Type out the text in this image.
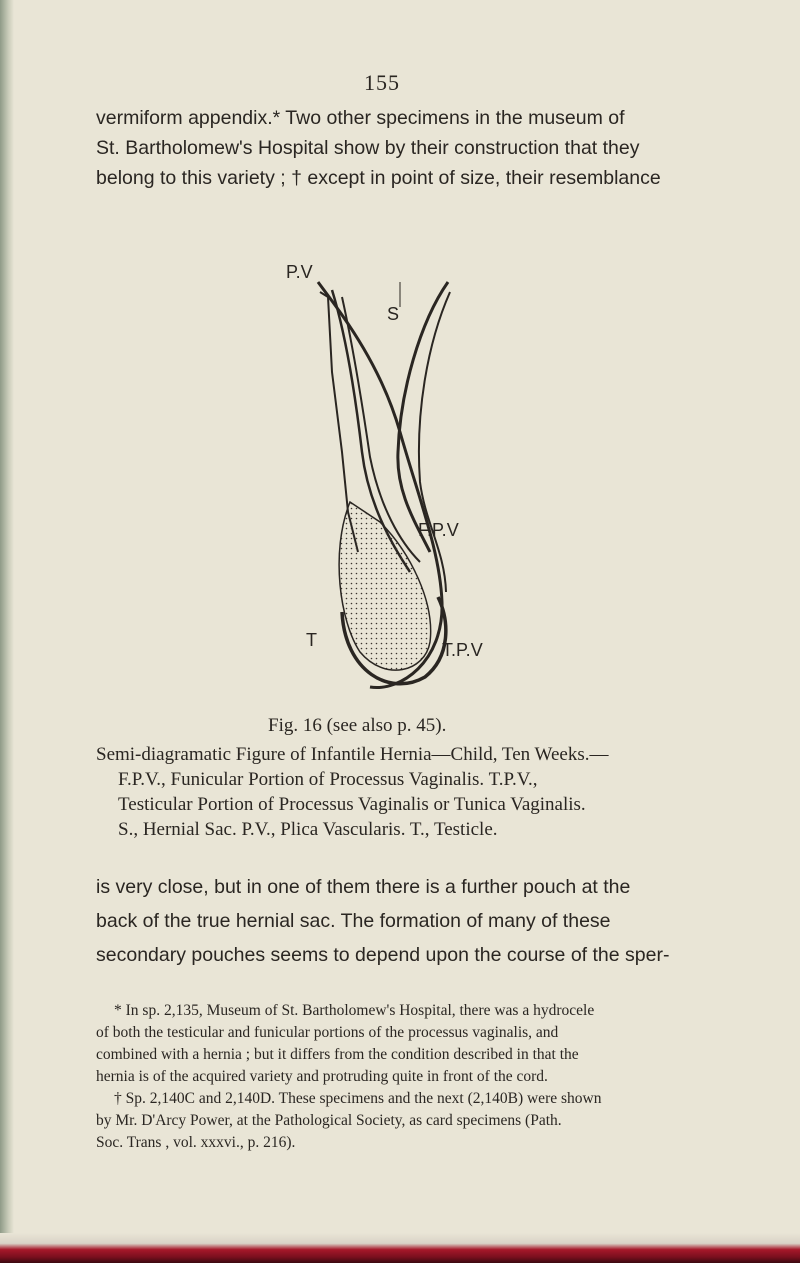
155

vermiform appendix.* Two other specimens in the museum of

St. Bartholomew's Hospital show by their construction that they

belong to this variety ; † except in point of size, their resemblance

P.V
S
F.P.V
T	T.P.V
Fig. 16 (see also p. 45).

Semi-diagramatic Figure of Infantile Hernia—Child, Ten Weeks.—

F.P.V., Funicular Portion of Processus Vaginalis. T.P.V.,

Testicular Portion of Processus Vaginalis or Tunica Vaginalis.

S., Hernial Sac. P.V., Plica Vascularis. T., Testicle.

is very close, but in one of them there is a further pouch at the

back of the true hernial sac. The formation of many of these

secondary pouches seems to depend upon the course of the sper-

* In sp. 2,135, Museum of St. Bartholomew's Hospital, there was a hydrocele

of both the testicular and funicular portions of the processus vaginalis, and

combined with a hernia ; but it differs from the condition described in that the

hernia is of the acquired variety and protruding quite in front of the cord.

† Sp. 2,140C and 2,140D. These specimens and the next (2,140B) were shown

by Mr. D'Arcy Power, at the Pathological Society, as card specimens (Path.

Soc. Trans , vol. xxxvi., p. 216).
